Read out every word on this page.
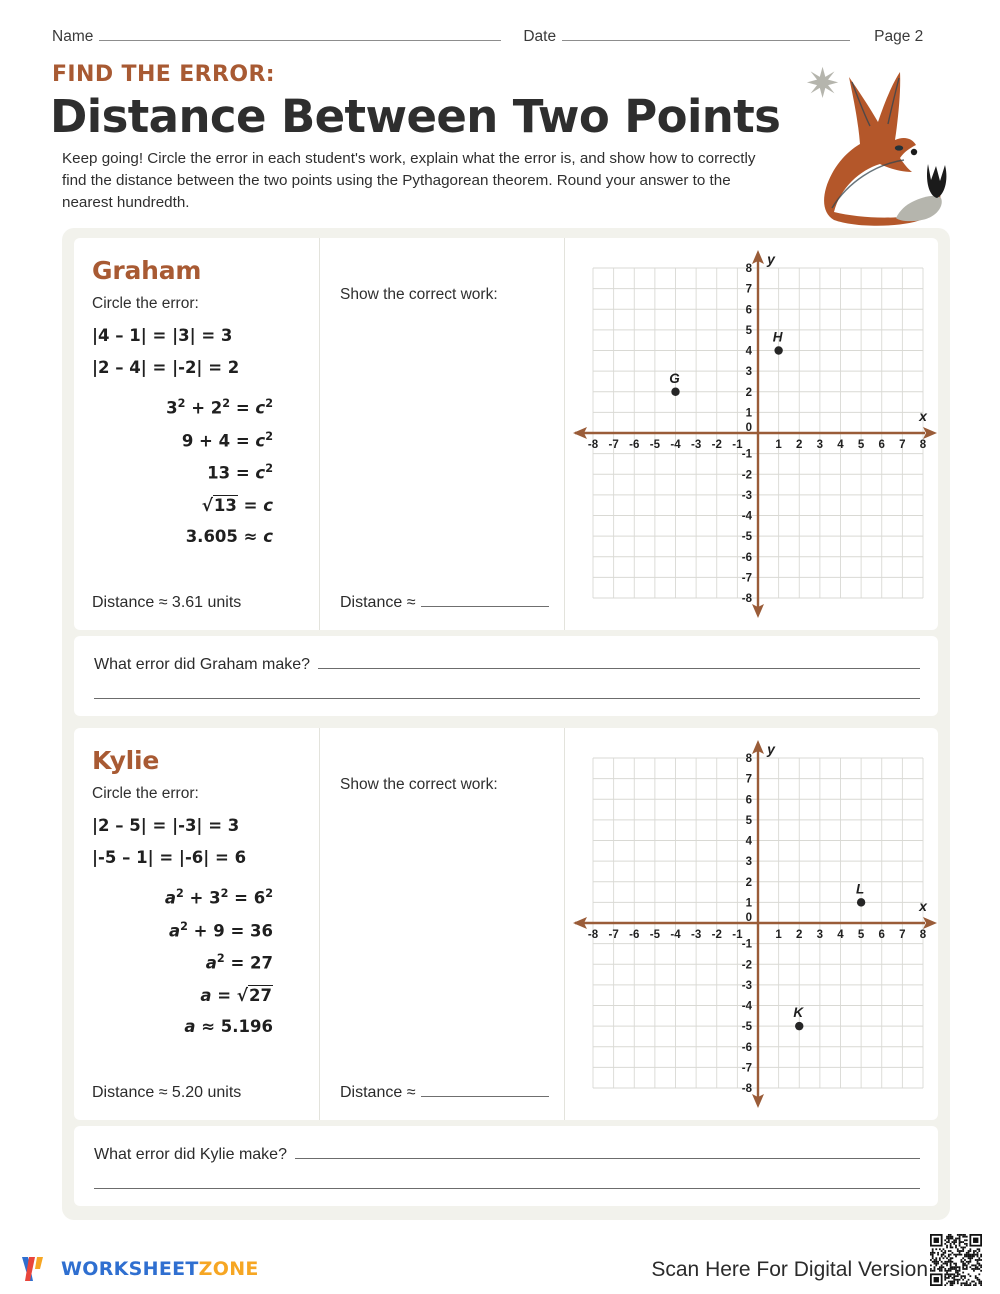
Name	Date	Page 2
FIND THE ERROR:
Distance Between Two Points

Keep going! Circle the error in each student's work, explain what the error is, and show how to correctly find the distance between the two points using the Pythagorean theorem. Round your answer to the nearest hundredth.

Graham
Circle the error:
|4 – 1| = |3| = 3
|2 – 4| = |-2| = 2
$3^2 + 2^2 = c^2$
$9 + 4 = c^2$
$13 = c^2$
√13 = c
3.605 ≈ c
Distance ≈ 3.61 units
Show the correct work:
Distance ≈
x
y
-8 -7 -6 -5 -4 -3 -2 -1	1 2 3 4 5 6 7 8
8
7
6
5
4
3
2
1
-1
-2
-3
-4
-5
-6
-7
-8
0
G
H
What error did Graham make?
Kylie
Circle the error:
|2 – 5| = |-3| = 3
|-5 – 1| = |-6| = 6
$a^2 + 3^2 = 6^2$
$a^2 + 9 = 36$
$a^2 = 27$
a = √27
a ≈ 5.196
Distance ≈ 5.20 units
Show the correct work:
Distance ≈
x
y
-8 -7 -6 -5 -4 -3 -2 -1	1 2 3 4 5 6 7 8
8
7
6
5
4
3
2
1
-1
-2
-3
-4
-5
-6
-7
-8
0
L
K
What error did Kylie make?
WORKSHEETZONE	Scan Here For Digital Version
